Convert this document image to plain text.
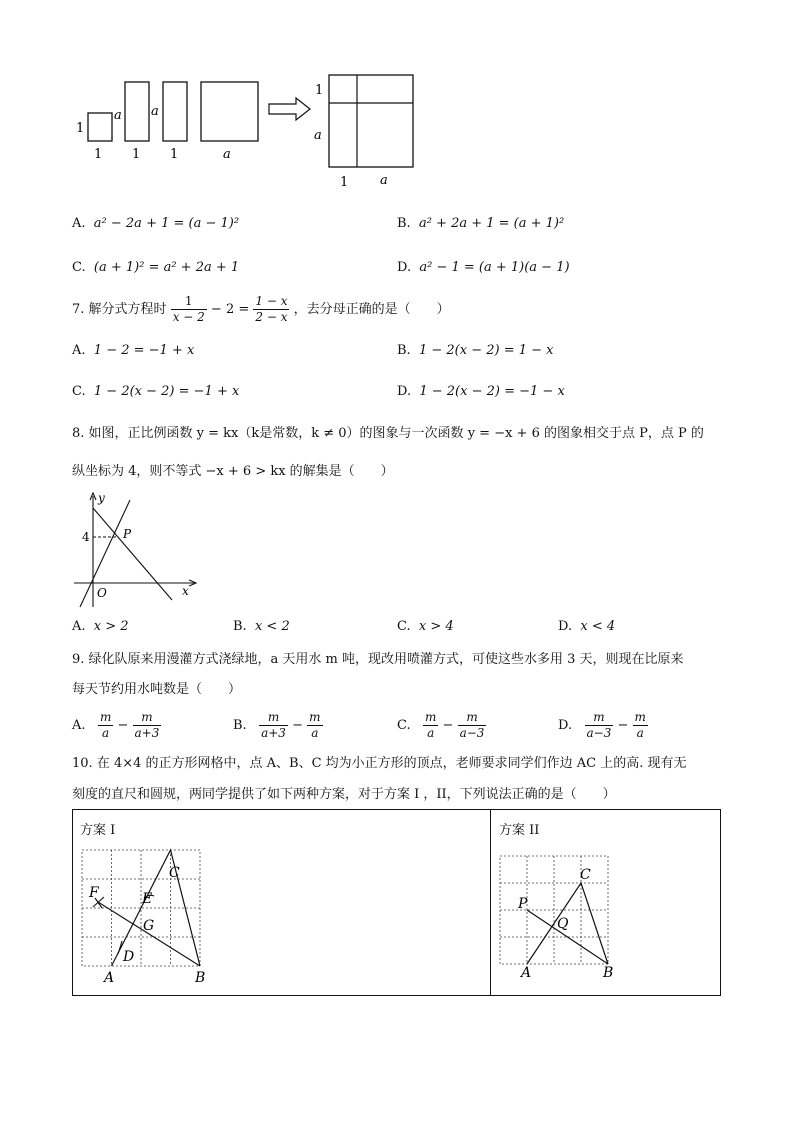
1
1
a
1
a
1	a
1
a
1 a
A. a² − 2a + 1 = (a − 1)²	B. a² + 2a + 1 = (a + 1)²
C. (a + 1)² = a² + 2a + 1	D. a² − 1 = (a + 1)(a − 1)
7. 解分式方程时 $\frac{1}{x - 2} - 2 = \frac{1 - x}{2 - x}$ ，去分母正确的是（　　）
A. 1 − 2 = −1 + x	B. 1 − 2(x − 2) = 1 − x
C. 1 − 2(x − 2) = −1 + x	D. 1 − 2(x − 2) = −1 − x
8. 如图，正比例函数 y = kx（k是常数，k ≠ 0）的图象与一次函数 y = −x + 6 的图象相交于点 P，点 P 的
纵坐标为 4，则不等式 −x + 6 > kx 的解集是（　　）
y
x
O
P
4
A. x > 2	B. x < 2	C. x > 4	D. x < 4
9. 绿化队原来用漫灌方式浇绿地，a 天用水 m 吨，现改用喷灌方式，可使这些水多用 3 天，则现在比原来
每天节约用水吨数是（　　）
A. $\frac{m}{a} - \frac{m}{a+3}$	B. $\frac{m}{a+3} - \frac{m}{a}$	C. $\frac{m}{a} - \frac{m}{a-3}$	D. $\frac{m}{a-3} - \frac{m}{a}$
10. 在 4×4 的正方形网格中，点 A、B、C 均为小正方形的顶点，老师要求同学们作边 AC 上的高. 现有无
刻度的直尺和圆规，两同学提供了如下两种方案，对于方案 I ，II，下列说法正确的是（　　）
方案 I	方案 II
C
F	E
G
D
A	B
C
P
Q
A	B
